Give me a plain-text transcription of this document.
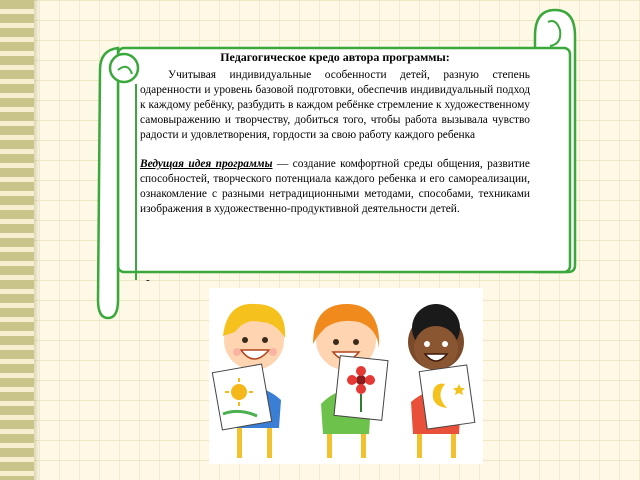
Педагогическое кредо автора программы:

Учитывая индивидуальные особенности детей, разную степень одаренности и уровень базовой подготовки, обеспечив индивидуальный подход к каждому ребёнку, разбудить в каждом ребёнке стремление к художественному самовыражению и творчеству, добиться того, чтобы работа вызывала чувство радости и удовлетворения, гордости за свою работу каждого ребенка

Ведущая идея программы — создание комфортной среды общения, развитие способностей, творческого потенциала каждого ребенка и его самореализации, ознакомление с разными нетрадиционными методами, способами, техниками изображения в художественно-продуктивной деятельности детей.

-
